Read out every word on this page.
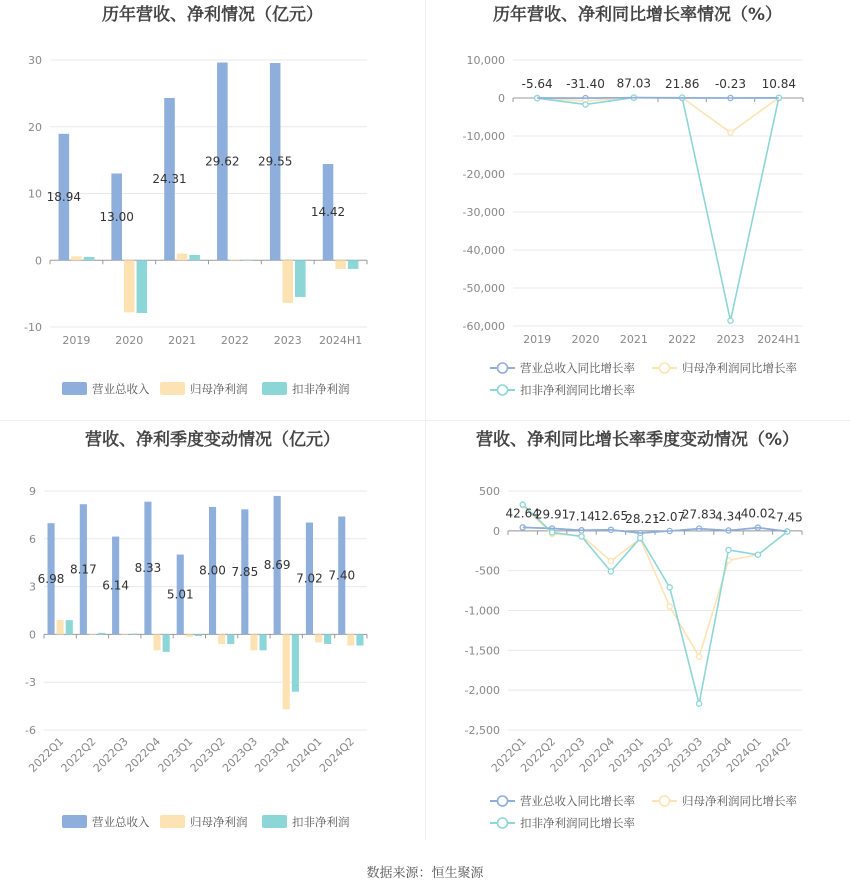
历年营收、净利情况（亿元）
-10
0
10
20
30
2019 2020 2021 2022 2023 2024H1
18.94
13.00
24.31
29.62 29.55
14.42
营业总收入	归母净利润	扣非净利润
历年营收、净利同比增长率情况（%）
10,000
0
-10,000
-20,000
-30,000
-40,000
-50,000
-60,000
2019 2020 2021 2022 2023 2024H1
-5.64 -31.40 87.03 21.86 -0.23 10.84
营业总收入同比增长率	归母净利润同比增长率
扣非净利润同比增长率
营收、净利季度变动情况（亿元）
-6
-3
0
3
6
9
2022Q1
2022Q2
2022Q3
2022Q4
2023Q1
2023Q2
2023Q3
2023Q4
2024Q1
2024Q2
6.98
8.17
6.14
8.33
5.01
8.00 7.85 8.69
7.02 7.40
营业总收入	归母净利润	扣非净利润
营收、净利同比增长率季度变动情况（%）
500
0
-500
-1,000
-1,500
-2,000
-2,500
2022Q1
2022Q2
2022Q3
2022Q4
2023Q1
2023Q2
2023Q3
2023Q4
2024Q1
2024Q2
42.64
29.91
7.14
12.65
-28.21
-2.07
27.83
4.34
40.02
-7.45
营业总收入同比增长率	归母净利润同比增长率
扣非净利润同比增长率
数据来源：恒生聚源
